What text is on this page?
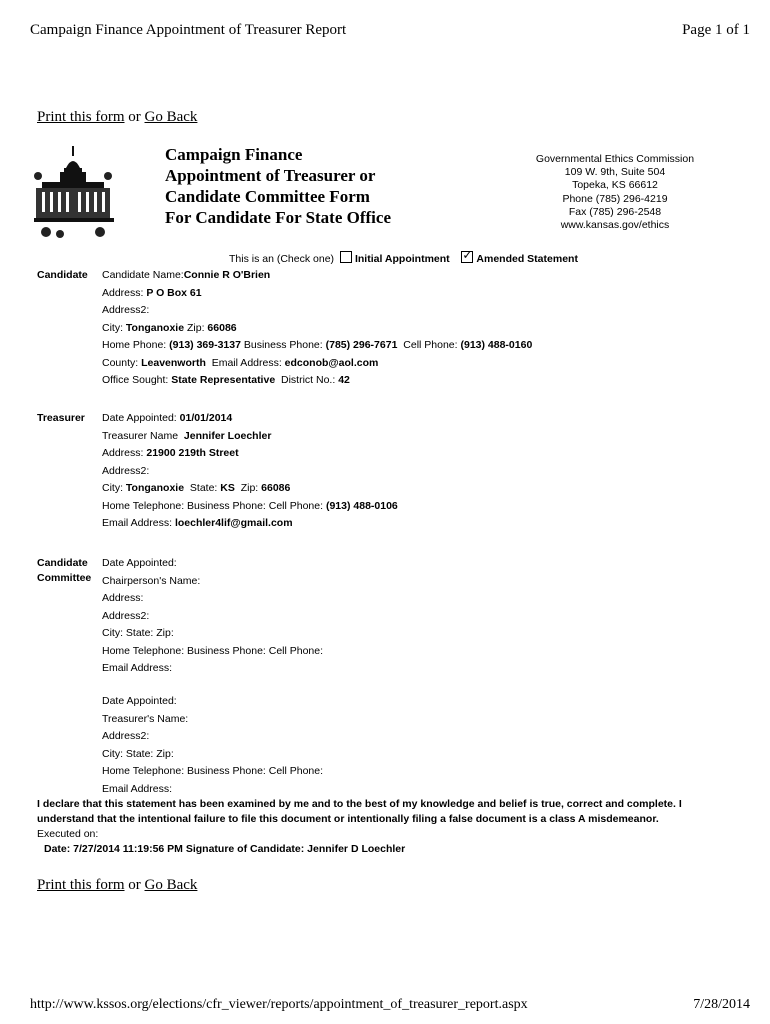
Campaign Finance Appointment of Treasurer Report	Page 1 of 1
Print this form or Go Back
Campaign Finance
Appointment of Treasurer or
Candidate Committee Form
For Candidate For State Office
Governmental Ethics Commission
109 W. 9th, Suite 504
Topeka, KS 66612
Phone (785) 296-4219
Fax (785) 296-2548
www.kansas.gov/ethics
This is an (Check one) Initial Appointment   ✓	Amended Statement
Candidate Candidate Name:Connie R O'Brien
Address: P O Box 61
Address2:
City: Tonganoxie Zip: 66086
Home Phone: (913) 369-3137 Business Phone: (785) 296-7671 Cell Phone: (913) 488-0160
County: Leavenworth Email Address: edconob@aol.com
Office Sought: State Representative District No.: 42
Treasurer Date Appointed: 01/01/2014
Treasurer Name Jennifer Loechler
Address: 21900 219th Street
Address2:
City: Tonganoxie State: KS Zip: 66086
Home Telephone: Business Phone: Cell Phone: (913) 488-0106
Email Address: loechler4lif@gmail.com
Candidate
Committee
Date Appointed:
Chairperson's Name:
Address:
Address2:
City: State: Zip:
Home Telephone: Business Phone: Cell Phone:
Email Address:
Date Appointed:
Treasurer's Name:
Address2:
City: State: Zip:
Home Telephone: Business Phone: Cell Phone:
Email Address:
I declare that this statement has been examined by me and to the best of my knowledge and belief is true, correct and complete. I
understand that the intentional failure to file this document or intentionally filing a false document is a class A misdemeanor.
Executed on:
Date: 7/27/2014 11:19:56 PM Signature of Candidate: Jennifer D Loechler
Print this form or Go Back
http://www.kssos.org/elections/cfr_viewer/reports/appointment_of_treasurer_report.aspx	7/28/2014
